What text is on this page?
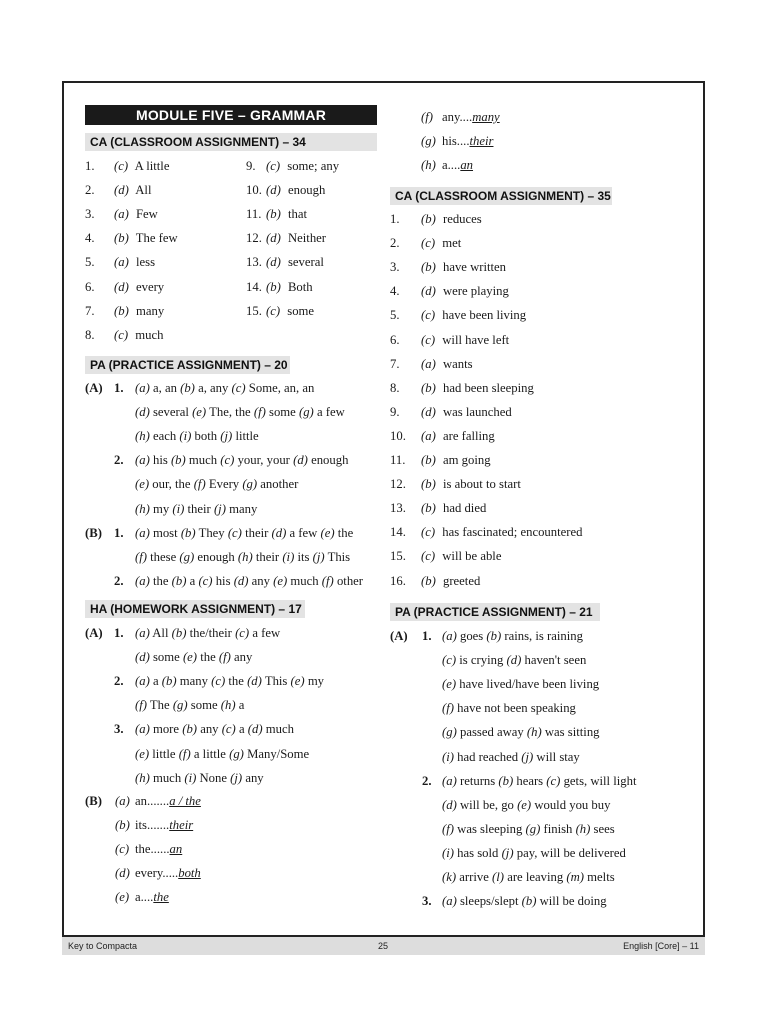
MODULE FIVE – GRAMMAR
CA (CLASSROOM ASSIGNMENT) – 34
1. (c) A little
2. (d) All
3. (a) Few
4. (b) The few
5. (a) less
6. (d) every
7. (b) many
8. (c) much
9. (c) some; any
10. (d) enough
11. (b) that
12. (d) Neither
13. (d) several
14. (b) Both
15. (c) some
PA (PRACTICE ASSIGNMENT) – 20
(A) 1. (a) a, an (b) a, any (c) Some, an, an
(d) several (e) The, the (f) some (g) a few
(h) each (i) both (j) little
2. (a) his (b) much (c) your, your (d) enough
(e) our, the (f) Every (g) another
(h) my (i) their (j) many
(B) 1. (a) most (b) They (c) their (d) a few (e) the
(f) these (g) enough (h) their (i) its (j) This
2. (a) the (b) a (c) his (d) any (e) much (f) other
HA (HOMEWORK ASSIGNMENT) – 17
(A) 1. (a) All (b) the/their (c) a few
(d) some (e) the (f) any
2. (a) a (b) many (c) the (d) This (e) my
(f) The (g) some (h) a
3. (a) more (b) any (c) a (d) much
(e) little (f) a little (g) Many/Some
(h) much (i) None (j) any
(B) (a) an.......a / the
(b) its.......their
(c) the......an
(d) every.....both
(e) a....the
(f) any....many
(g) his....their
(h) a....an
CA (CLASSROOM ASSIGNMENT) – 35
1. (b) reduces
2. (c) met
3. (b) have written
4. (d) were playing
5. (c) have been living
6. (c) will have left
7. (a) wants
8. (b) had been sleeping
9. (d) was launched
10. (a) are falling
11. (b) am going
12. (b) is about to start
13. (b) had died
14. (c) has fascinated; encountered
15. (c) will be able
16. (b) greeted
PA (PRACTICE ASSIGNMENT) – 21
(A) 1. (a) goes (b) rains, is raining
(c) is crying (d) haven't seen
(e) have lived/have been living
(f) have not been speaking
(g) passed away (h) was sitting
(i) had reached (j) will stay
2. (a) returns (b) hears (c) gets, will light
(d) will be, go (e) would you buy
(f) was sleeping (g) finish (h) sees
(i) has sold (j) pay, will be delivered
(k) arrive (l) are leaving (m) melts
3. (a) sleeps/slept (b) will be doing
Key to Compacta	25	English [Core] – 11
